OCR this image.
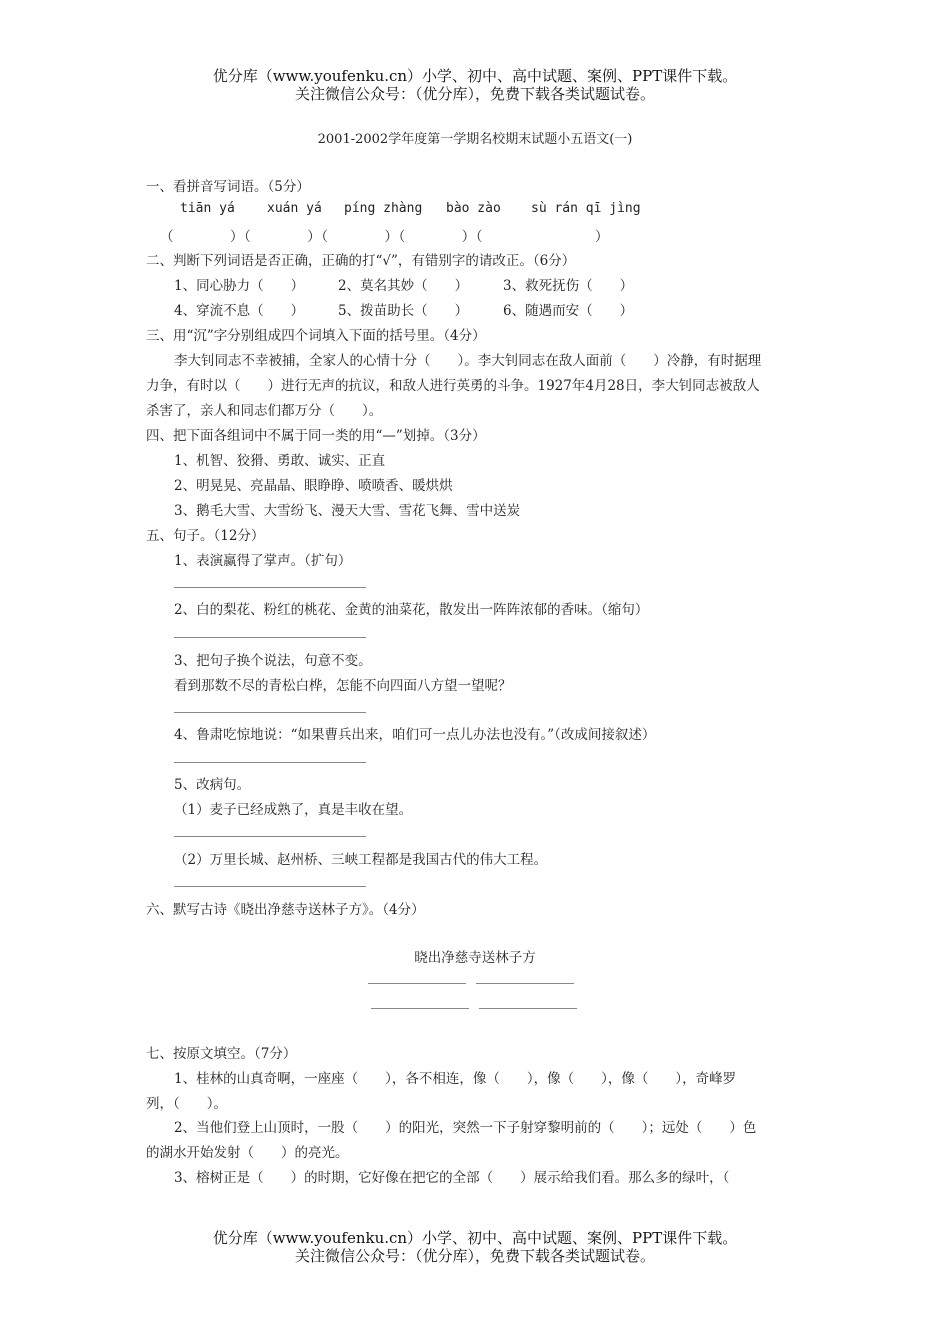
优分库（www.youfenku.cn）小学、初中、高中试题、案例、PPT课件下载。
关注微信公众号：（优分库），免费下载各类试题试卷。
2001-2002学年度第一学期名校期末试题小五语文(一)
一、看拼音写词语。（5分）
tiān yá xuán yá píng zhàng bào zào sù rán qī jìng
（　　　　）（　　　　）（　　　　）（　　　　）（　　　　　　　　）
二、判断下列词语是否正确，正确的打“√”，有错别字的请改正。（6分）
1、同心胁力（　　）	2、莫名其妙（　　）	3、救死抚伤（　　）
4、穿流不息（　　）	5、拨苗助长（　　）	6、随遇而安（　　）
三、用“沉”字分别组成四个词填入下面的括号里。（4分）
李大钊同志不幸被捕，全家人的心情十分（　　）。李大钊同志在敌人面前（　　）冷静，有时据理
力争，有时以（　　）进行无声的抗议，和敌人进行英勇的斗争。1927年4月28日，李大钊同志被敌人
杀害了，亲人和同志们都万分（　　）。
四、把下面各组词中不属于同一类的用“—”划掉。（3分）
1、机智、狡猾、勇敢、诚实、正直
2、明晃晃、亮晶晶、眼睁睁、喷喷香、暖烘烘
3、鹅毛大雪、大雪纷飞、漫天大雪、雪花飞舞、雪中送炭
五、句子。（12分）
1、表演赢得了掌声。（扩句）
2、白的梨花、粉红的桃花、金黄的油菜花，散发出一阵阵浓郁的香味。（缩句）
3、把句子换个说法，句意不变。
看到那数不尽的青松白桦，怎能不向四面八方望一望呢？
4、鲁肃吃惊地说：“如果曹兵出来，咱们可一点儿办法也没有。”（改成间接叙述）
5、改病句。
（1）麦子已经成熟了，真是丰收在望。
（2）万里长城、赵州桥、三峡工程都是我国古代的伟大工程。
六、默写古诗《晓出净慈寺送林子方》。（4分）
晓出净慈寺送林子方
七、按原文填空。（7分）
1、桂林的山真奇啊，一座座（　　），各不相连，像（　　），像（　　），像（　　），奇峰罗
列，（　　）。
2、当他们登上山顶时，一股（　　）的阳光，突然一下子射穿黎明前的（　　）；远处（　　）色
的湖水开始发射（　　）的亮光。
3、榕树正是（　　）的时期，它好像在把它的全部（　　）展示给我们看。那么多的绿叶，（
优分库（www.youfenku.cn）小学、初中、高中试题、案例、PPT课件下载。
关注微信公众号：（优分库），免费下载各类试题试卷。
